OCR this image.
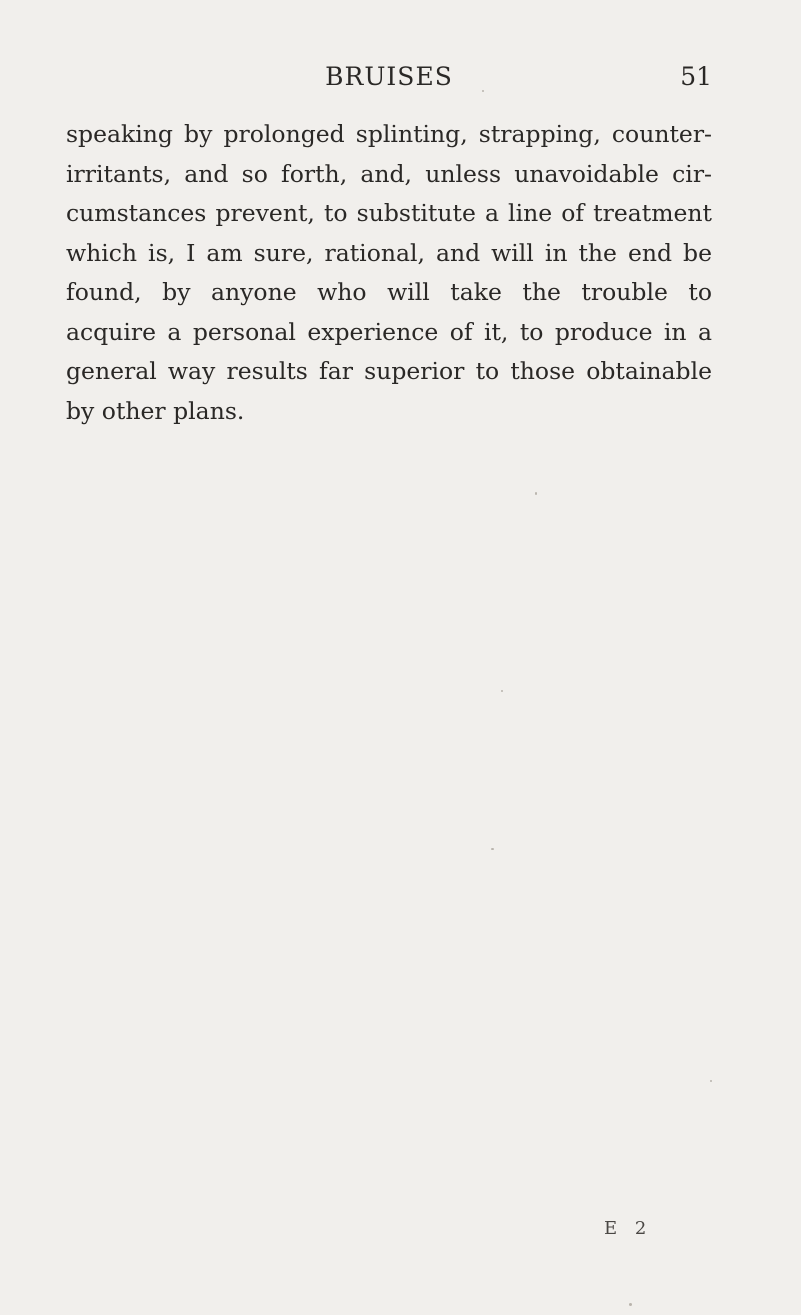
BRUISES	51
speaking by prolonged splinting, strapping, counter-
irritants, and so forth, and, unless unavoidable cir-
cumstances prevent, to substitute a line of treatment
which is, I am sure, rational, and will in the end be
found, by anyone who will take the trouble to
acquire a personal experience of it, to produce in a
general way results far superior to those obtainable
by other plans.
E 2
